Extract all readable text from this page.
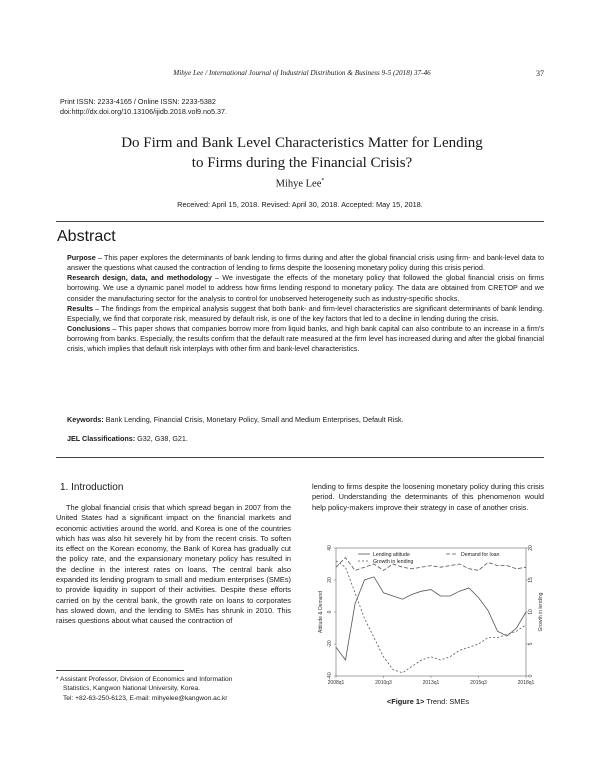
Mihye Lee / International Journal of Industrial Distribution & Business 9-5 (2018) 37-46	37
Print ISSN: 2233-4165 / Online ISSN: 2233-5382
doi:http://dx.doi.org/10.13106/ijidb.2018.vol9.no5.37.
Do Firm and Bank Level Characteristics Matter for Lending
to Firms during the Financial Crisis?
Mihye Lee*
Received: April 15, 2018. Revised: April 30, 2018. Accepted: May 15, 2018.
Abstract

Purpose – This paper explores the determinants of bank lending to firms during and after the global financial crisis using firm- and bank-level data to answer the questions what caused the contraction of lending to firms despite the loosening monetary policy during this crisis period.

Research design, data, and methodology – We investigate the effects of the monetary policy that followed the global financial crisis on firms borrowing. We use a dynamic panel model to address how firms lending respond to monetary policy. The data are obtained from CRETOP and we consider the manufacturing sector for the analysis to control for unobserved heterogeneity such as industry-specific shocks.

Results – The findings from the empirical analysis suggest that both bank- and firm-level characteristics are significant determinants of bank lending. Especially, we find that corporate risk, measured by default risk, is one of the key factors that led to a decline in lending during the crisis.

Conclusions – This paper shows that companies borrow more from liquid banks, and high bank capital can also contribute to an increase in a firm's borrowing from banks. Especially, the results confirm that the default rate measured at the firm level has increased during and after the global financial crisis, which implies that default risk interplays with other firm and bank-level characteristics.

Keywords: Bank Lending, Financial Crisis, Monetary Policy, Small and Medium Enterprises, Default Risk.
JEL Classifications: G32, G38, G21.
1. Introduction

The global financial crisis that which spread began in 2007 from the United States had a significant impact on the financial markets and economic activities around the world. and Korea is one of the countries which has was also hit severely hit by from the recent crisis. To soften its effect on the Korean economy, the Bank of Korea has gradually cut the policy rate, and the expansionary monetary policy has resulted in the decline in the interest rates on loans. The central bank also expanded its lending program to small and medium enterprises (SMEs) to provide liquidity in support of their activities. Despite these efforts carried on by the central bank, the growth rate on loans to corporates has slowed down, and the lending to SMEs has shrunk in 2010. This raises questions about what caused the contraction of

* Assistant Professor, Division of Economics and Information

Statistics, Kangwon National University, Korea.

Tel: +82-63-250-6123, E-mail: mihyelee@kangwon.ac.kr

lending to firms despite the loosening monetary policy during this crisis period. Understanding the determinants of this phenomenon would help policy-makers improve their strategy in case of another crisis.

-40
-20
0
20
40
0
5
10
15
20
2008q1	2010q3	2013q1	2015q3	2018q1
Attitude & Demand	Growth in lending
Lending attitude	Demand for loan
Growth in lending
<Figure 1> Trend: SMEs
